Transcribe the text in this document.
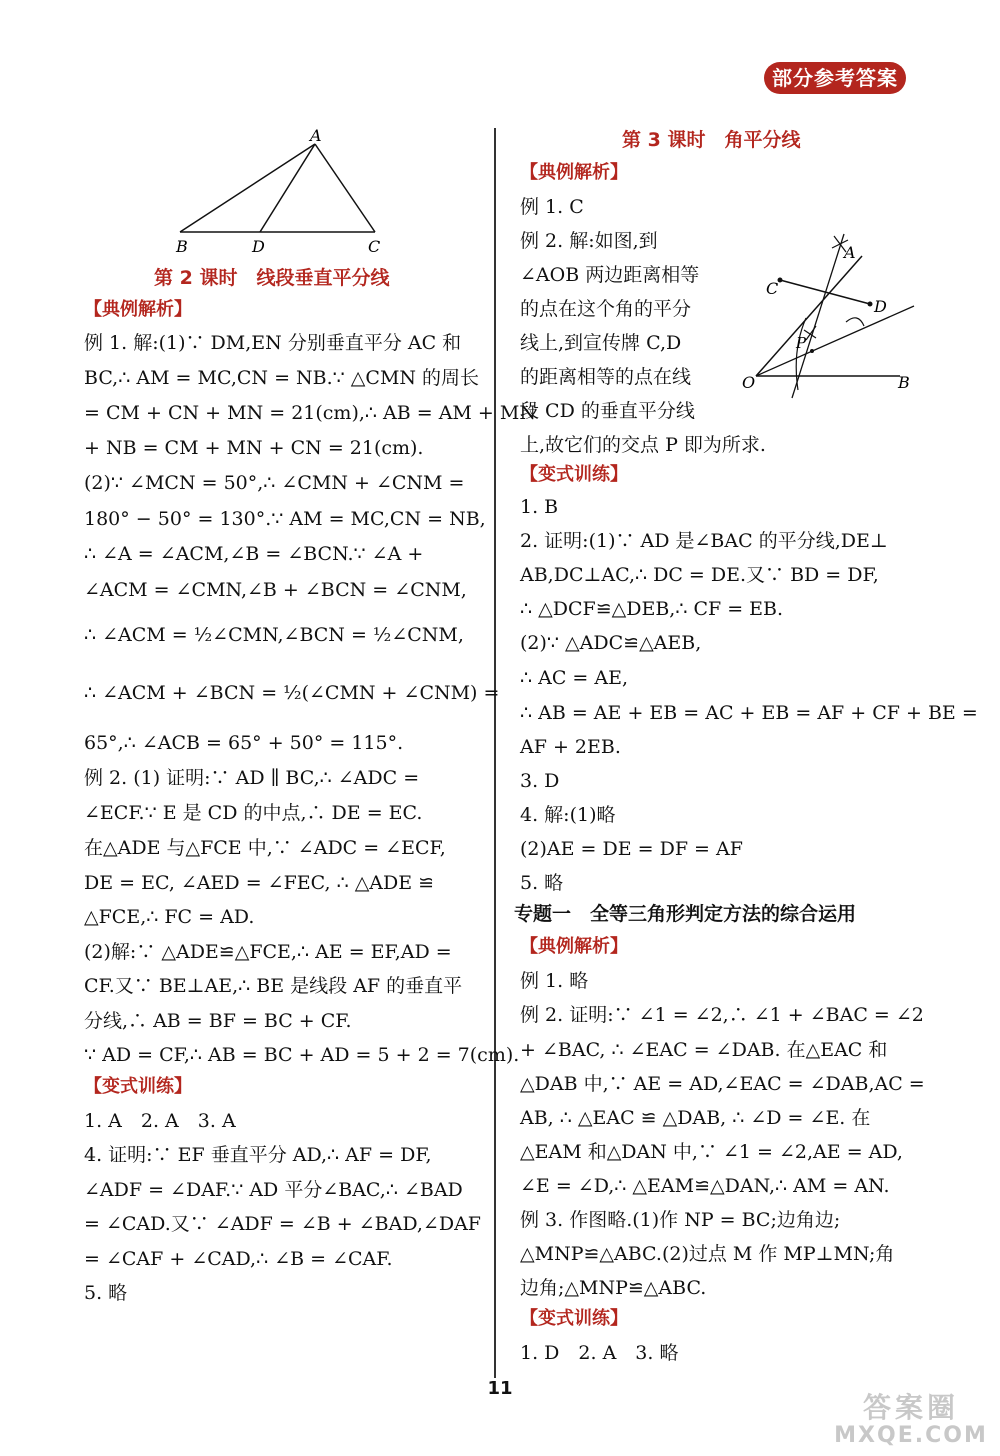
部分参考答案
A
B	D	C
第 2 课时　线段垂直平分线
【典例解析】
例 1. 解:(1)∵ DM,EN 分别垂直平分 AC 和
BC,∴ AM = MC,CN = NB.∵ △CMN 的周长
= CM + CN + MN = 21(cm),∴ AB = AM + MN
+ NB = CM + MN + CN = 21(cm).
(2)∵ ∠MCN = 50°,∴ ∠CMN + ∠CNM =
180° − 50° = 130°.∵ AM = MC,CN = NB,
∴ ∠A = ∠ACM,∠B = ∠BCN.∵ ∠A +
∠ACM = ∠CMN,∠B + ∠BCN = ∠CNM,
∴ ∠ACM = ½∠CMN,∠BCN = ½∠CNM,
∴ ∠ACM + ∠BCN = ½(∠CMN + ∠CNM) =
65°,∴ ∠ACB = 65° + 50° = 115°.
例 2. (1) 证明:∵ AD ∥ BC,∴ ∠ADC =
∠ECF.∵ E 是 CD 的中点,∴ DE = EC.
在△ADE 与△FCE 中,∵ ∠ADC = ∠ECF,
DE = EC, ∠AED = ∠FEC, ∴ △ADE ≌
△FCE,∴ FC = AD.
(2)解:∵ △ADE≌△FCE,∴ AE = EF,AD =
CF.又∵ BE⊥AE,∴ BE 是线段 AF 的垂直平
分线,∴ AB = BF = BC + CF.
∵ AD = CF,∴ AB = BC + AD = 5 + 2 = 7(cm).
【变式训练】
1. A　2. A　3. A
4. 证明:∵ EF 垂直平分 AD,∴ AF = DF,
∠ADF = ∠DAF.∵ AD 平分∠BAC,∴ ∠BAD
= ∠CAD.又∵ ∠ADF = ∠B + ∠BAD,∠DAF
= ∠CAF + ∠CAD,∴ ∠B = ∠CAF.
5. 略
第 3 课时　角平分线
【典例解析】
例 1. C
例 2. 解:如图,到
∠AOB 两边距离相等
的点在这个角的平分
线上,到宣传牌 C,D
的距离相等的点在线
段 CD 的垂直平分线
上,故它们的交点 P 即为所求.
【变式训练】
1. B
2. 证明:(1)∵ AD 是∠BAC 的平分线,DE⊥
AB,DC⊥AC,∴ DC = DE.又∵ BD = DF,
∴ △DCF≌△DEB,∴ CF = EB.
(2)∵ △ADC≌△AEB,
∴ AC = AE,
∴ AB = AE + EB = AC + EB = AF + CF + BE =
AF + 2EB.
3. D
4. 解:(1)略
(2)AE = DE = DF = AF
5. 略
专题一　全等三角形判定方法的综合运用
【典例解析】
例 1. 略
例 2. 证明:∵ ∠1 = ∠2,∴ ∠1 + ∠BAC = ∠2
+ ∠BAC, ∴ ∠EAC = ∠DAB. 在△EAC 和
△DAB 中,∵ AE = AD,∠EAC = ∠DAB,AC =
AB, ∴ △EAC ≌ △DAB, ∴ ∠D = ∠E. 在
△EAM 和△DAN 中,∵ ∠1 = ∠2,AE = AD,
∠E = ∠D,∴ △EAM≌△DAN,∴ AM = AN.
例 3. 作图略.(1)作 NP = BC;边角边;
△MNP≌△ABC.(2)过点 M 作 MP⊥MN;角
边角;△MNP≌△ABC.
【变式训练】
1. D　2. A　3. 略
A
C
D
P
O	B
11
答案圈
MXQE.COM
